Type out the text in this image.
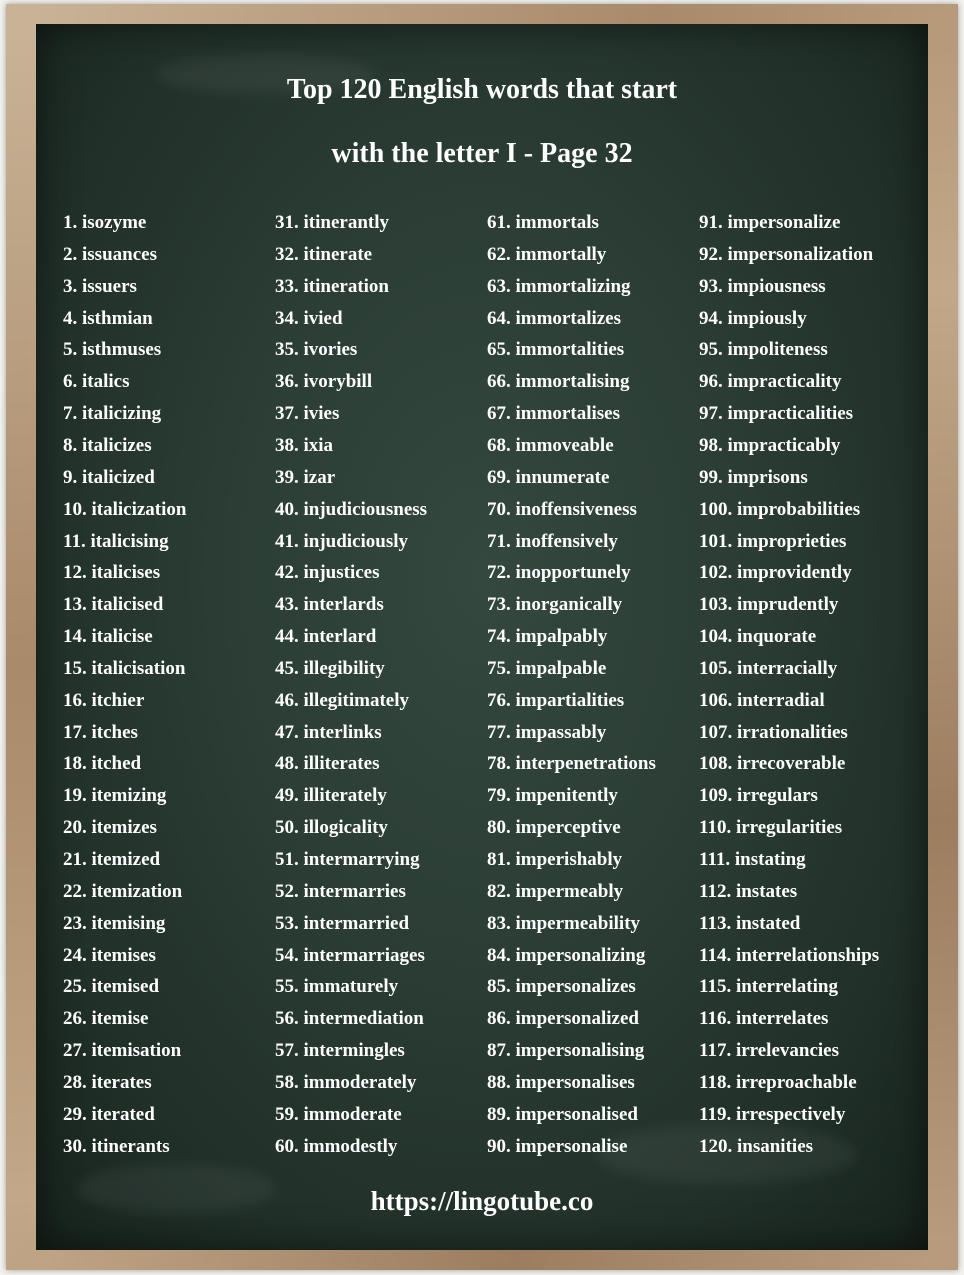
Top 120 English words that start
with the letter I - Page 32
1. isozyme
2. issuances
3. issuers
4. isthmian
5. isthmuses
6. italics
7. italicizing
8. italicizes
9. italicized
10. italicization
11. italicising
12. italicises
13. italicised
14. italicise
15. italicisation
16. itchier
17. itches
18. itched
19. itemizing
20. itemizes
21. itemized
22. itemization
23. itemising
24. itemises
25. itemised
26. itemise
27. itemisation
28. iterates
29. iterated
30. itinerants
31. itinerantly
32. itinerate
33. itineration
34. ivied
35. ivories
36. ivorybill
37. ivies
38. ixia
39. izar
40. injudiciousness
41. injudiciously
42. injustices
43. interlards
44. interlard
45. illegibility
46. illegitimately
47. interlinks
48. illiterates
49. illiterately
50. illogicality
51. intermarrying
52. intermarries
53. intermarried
54. intermarriages
55. immaturely
56. intermediation
57. intermingles
58. immoderately
59. immoderate
60. immodestly
61. immortals
62. immortally
63. immortalizing
64. immortalizes
65. immortalities
66. immortalising
67. immortalises
68. immoveable
69. innumerate
70. inoffensiveness
71. inoffensively
72. inopportunely
73. inorganically
74. impalpably
75. impalpable
76. impartialities
77. impassably
78. interpenetrations
79. impenitently
80. imperceptive
81. imperishably
82. impermeably
83. impermeability
84. impersonalizing
85. impersonalizes
86. impersonalized
87. impersonalising
88. impersonalises
89. impersonalised
90. impersonalise
91. impersonalize
92. impersonalization
93. impiousness
94. impiously
95. impoliteness
96. impracticality
97. impracticalities
98. impracticably
99. imprisons
100. improbabilities
101. improprieties
102. improvidently
103. imprudently
104. inquorate
105. interracially
106. interradial
107. irrationalities
108. irrecoverable
109. irregulars
110. irregularities
111. instating
112. instates
113. instated
114. interrelationships
115. interrelating
116. interrelates
117. irrelevancies
118. irreproachable
119. irrespectively
120. insanities
https://lingotube.co
